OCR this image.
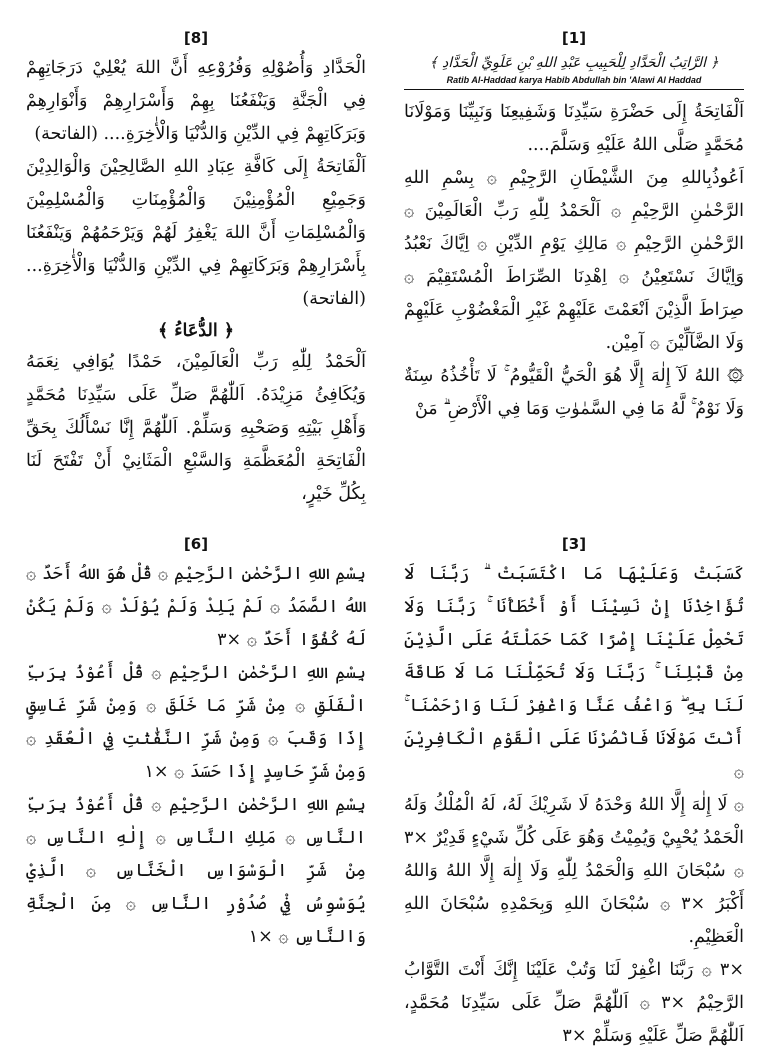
[8]
الْحَدَّادِ وَأُصُوْلِهِ وَفُرُوْعِهِ أَنَّ اللهَ يُعْلِيْ دَرَجَاتِهِمْ فِي الْجَنَّةِ وَيَنْفَعُنَا بِهِمْ وَأَسْرَارِهِمْ وَأَنْوَارِهِمْ وَبَرَكَاتِهِمْ فِي الدِّيْنِ وَالدُّنْيَا وَالْأٰخِرَةِ.... (الفاتحة)
اَلْفَاتِحَةُ إِلَى كَافَّةِ عِبَادِ اللهِ الصَّالِحِيْنَ وَالْوَالِدِيْنَ وَجَمِيْعِ الْمُؤْمِنِيْنَ وَالْمُؤْمِنَاتِ وَالْمُسْلِمِيْنَ وَالْمُسْلِمَاتِ أَنَّ اللهَ يَغْفِرُ لَهُمْ وَيَرْحَمُهُمْ وَيَنْفَعُنَا بِأَسْرَارِهِمْ وَبَرَكَاتِهِمْ فِي الدِّيْنِ وَالدُّنْيَا وَالْأٰخِرَةِ... (الفاتحة)
﴿ الدُّعَاءُ ﴾
اَلْحَمْدُ لِلّٰهِ رَبِّ الْعَالَمِيْنَ، حَمْدًا يُوَافِي نِعَمَهُ وَيُكَافِئُ مَزِيْدَهُ. اَللّٰهُمَّ صَلِّ عَلَى سَيِّدِنَا مُحَمَّدٍ وَأَهْلِ بَيْتِهِ وَصَحْبِهِ وَسَلِّمْ. اَللّٰهُمَّ إِنَّا نَسْأَلُكَ بِحَقِّ الْفَاتِحَةِ الْمُعَظَّمَةِ وَالسَّبْعِ الْمَثَانِيْ أَنْ تَفْتَحَ لَنَا بِكُلِّ خَيْرٍ،
[1]
﴿ الرَّاتِبُ الْحَدَّادِ لِلْحَبِيبِ عَبْدِ اللهِ بْنِ عَلَوِيِّ الْحَدَّادِ ﴾
Ratib Al-Haddad karya Habib Abdullah bin 'Alawi Al Haddad
اَلْفَاتِحَةُ إِلَى حَضْرَةِ سَيِّدِنَا وَشَفِيعِنَا وَنَبِيِّنَا وَمَوْلَانَا مُحَمَّدٍ صَلَّى اللهُ عَلَيْهِ وَسَلَّمَ....
اَعُوذُبِاللهِ مِنَ الشَّيْطَانِ الرَّجِيْمِ ۞ بِسْمِ اللهِ الرَّحْمٰنِ الرَّحِيْمِ ۞ اَلْحَمْدُ لِلّٰهِ رَبِّ الْعَالَمِيْنَ ۞ الرَّحْمٰنِ الرَّحِيْمِ ۞ مَالِكِ يَوْمِ الدِّيْنِ ۞ اِيَّاكَ نَعْبُدُ وَاِيَّاكَ نَسْتَعِيْنُ ۞ اِهْدِنَا الصِّرَاطَ الْمُسْتَقِيْمَ ۞ صِرَاطَ الَّذِيْنَ اَنْعَمْتَ عَلَيْهِمْ غَيْرِ الْمَغْضُوْبِ عَلَيْهِمْ وَلَا الضَّآلِّيْنَ ۞ آمِيْن.
۞ اللهُ لَآ إِلٰهَ إِلَّا هُوَ الْحَيُّ الْقَيُّومُ ۚ لَا تَأْخُذُهُ سِنَةٌ وَلَا نَوْمٌ ۚ لَّهُ مَا فِي السَّمٰوٰتِ وَمَا فِي الْأَرْضِ ۗ مَنْ
[6]
بِسْمِ اللهِ الرَّحْمٰنِ الرَّحِيْمِ ۞ قُلْ هُوَ اللهُ أَحَدٌ ۞ اللهُ الصَّمَدُ ۞ لَمْ يَلِدْ وَلَمْ يُوْلَدْ ۞ وَلَمْ يَكُنْ لَهُ كُفُوًا أَحَدٌ ۞ ×٣
بِسْمِ اللهِ الرَّحْمٰنِ الرَّحِيْمِ ۞ قُلْ أَعُوْذُ بِرَبِّ الْفَلَقِ ۞ مِنْ شَرِّ مَا خَلَقَ ۞ وَمِنْ شَرِّ غَاسِقٍ إِذَا وَقَبَ ۞ وَمِنْ شَرِّ النَّفّٰثٰتِ فِي الْعُقَدِ ۞ وَمِنْ شَرِّ حَاسِدٍ إِذَا حَسَدَ ۞ ×١
بِسْمِ اللهِ الرَّحْمٰنِ الرَّحِيْمِ ۞ قُلْ أَعُوْذُ بِرَبِّ النَّاسِ ۞ مَلِكِ النَّاسِ ۞ إِلٰهِ النَّاسِ ۞ مِنْ شَرِّ الْوَسْوَاسِ الْخَنَّاسِ ۞ الَّذِيْ يُوَسْوِسُ فِيْ صُدُوْرِ النَّاسِ ۞ مِنَ الْجِنَّةِ وَالنَّاسِ ۞ ×١
[3]
كَسَبَتْ وَعَلَيْهَا مَا اكْتَسَبَتْ ۗ رَبَّنَا لَا تُؤَاخِذْنَا إِنْ نَسِيْنَا أَوْ أَخْطَأْنَا ۚ رَبَّنَا وَلَا تَحْمِلْ عَلَيْنَا إِصْرًا كَمَا حَمَلْتَهُ عَلَى الَّذِيْنَ مِنْ قَبْلِنَا ۚ رَبَّنَا وَلَا تُحَمِّلْنَا مَا لَا طَاقَةَ لَنَا بِهِ ۖ وَاعْفُ عَنَّا وَاغْفِرْ لَنَا وَارْحَمْنَا ۚ أَنْتَ مَوْلَانَا فَانْصُرْنَا عَلَى الْقَوْمِ الْكَافِرِيْنَ ۞
۞ لَا إِلٰهَ إِلَّا اللهُ وَحْدَهُ لَا شَرِيْكَ لَهُ، لَهُ الْمُلْكُ وَلَهُ الْحَمْدُ يُحْيِيْ وَيُمِيْتُ وَهُوَ عَلَى كُلِّ شَيْءٍ قَدِيْرٌ ×٣ ۞ سُبْحَانَ اللهِ وَالْحَمْدُ لِلّٰهِ وَلَا إِلٰهَ إِلَّا اللهُ وَاللهُ أَكْبَرُ ×٣ ۞ سُبْحَانَ اللهِ وَبِحَمْدِهِ سُبْحَانَ اللهِ الْعَظِيْمِ.
×٣ ۞ رَبَّنَا اغْفِرْ لَنَا وَتُبْ عَلَيْنَا إِنَّكَ أَنْتَ التَّوَّابُ الرَّحِيْمُ ×٣ ۞ اَللّٰهُمَّ صَلِّ عَلَى سَيِّدِنَا مُحَمَّدٍ، اَللّٰهُمَّ صَلِّ عَلَيْهِ وَسَلِّمْ ×٣
